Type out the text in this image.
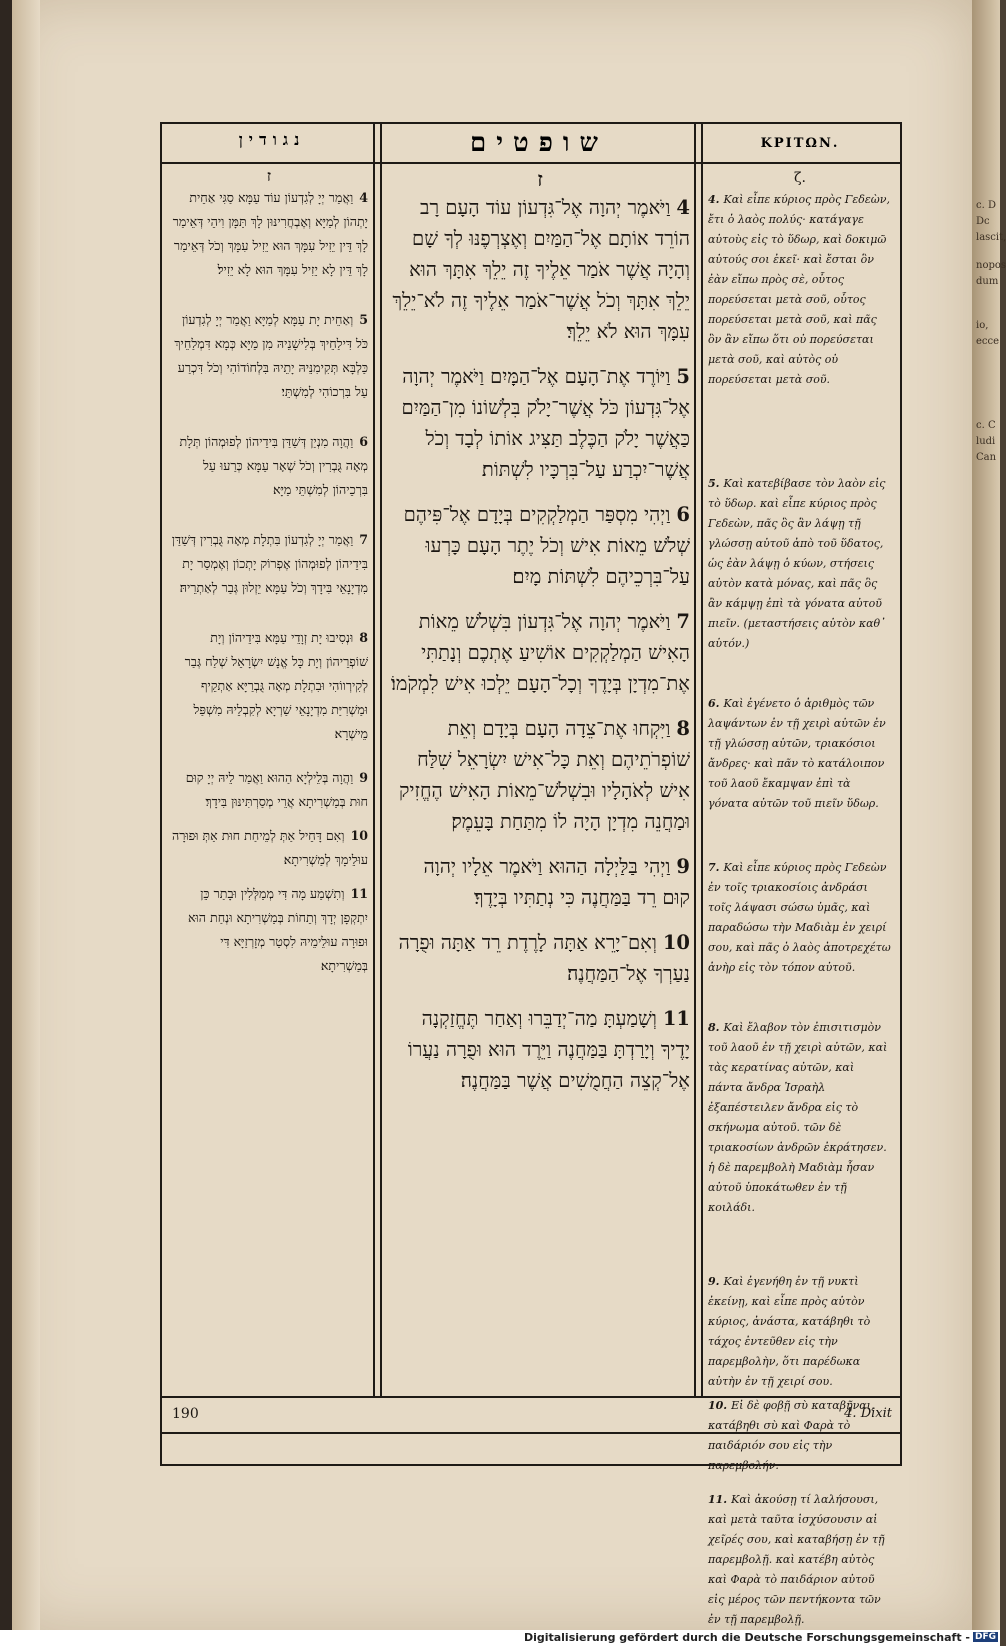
נגודין	שופטים	ΚΡΙΤΩΝ.
ז
4וַאֲמַר יְיָ לְגִדְעוֹן עוֹד עַמָּא סַגִּי אַחֵית יָתְהוֹן לְמַיָּא וְאֶבְחֲרִינּוּן לָךְ תַּמָּן וִיהֵי דְּאֵימַר לָךְ דֵּין יֵזִיל עִמָּךְ הוּא יֵזִיל עִמָּךְ וְכֹל דְּאֵימַר לָךְ דֵּין לָא יֵזִיל עִמָּךְ הוּא לָא יֵזִיל׃
5וְאַחֵית יָת עַמָּא לְמַיָּא וַאֲמַר יְיָ לְגִדְעוֹן כֹּל דִּילַחֵיךְ בְּלִישָׁנֵיהּ מִן מַיָּא כְּמָא דִּמְלַחֵיךְ כַּלְבָּא תְּקִימִנֵּיהּ יָתֵיהּ בִּלְחוֹדוֹהִי וְכֹל דִּכְרַע עַל בִּרְכוֹהִי לְמִשְׁתֵּי׃
6וַהֲוָה מִנְיַן דְּשַׁדַּן בִּידֵיהוֹן לְפוּמְהוֹן תְּלָת מְאָה גֻּבְרִין וְכֹל שְׁאָר עַמָּא כְּרַעוּ עַל בִּרְכֵיהוֹן לְמִשְׁתֵּי מַיָּא׃
7וַאֲמַר יְיָ לְגִדְעוֹן בִּתְלָת מְאָה גֻּבְרִין דְּשַׁדַּן בִּידֵיהוֹן לְפוּמְהוֹן אֶפְרוֹק יָתְכוֹן וְאֶמְסַר יָת מִדְיָנָאֵי בִּידָךְ וְכֹל עַמָּא יֵזְלוּן גְּבַר לְאַתְרֵיהּ׃
8וּנְסִיבוּ יָת זְוָדֵי עַמָּא בִּידֵיהוֹן וְיָת שׁוֹפְרֵיהוֹן וְיָת כָּל אֱנָשׁ יִשְׂרָאֵל שְׁלַח גְּבַר לְקִירְווֹהִי וּבִתְלָת מְאָה גֻּבְרַיָּא אַתְקֵיף וּמַשְׁרִיַּת מִדְיָנָאֵי שַׁרְיָא לְקִבְלֵיהּ מִשְׁפַּל מֵישְׁרָא׃
9וַהֲוָה בְּלֵילְיָא הַהוּא וַאֲמַר לֵיהּ יְיָ קוּם חוּת בְּמַשְׁרִיתָא אֲרֵי מְסַרְתִּינּוּן בִּידָךְ׃
10וְאִם דָּחֵיל אַתְּ לְמֵיחַת חוּת אַתְּ וּפוּרָה עוּלֵימָךְ לְמַשְׁרִיתָא׃
11וְתִשְׁמַע מָה דִּי מְמַלְּלִין וּבָתַר כֵּן יִתְקְפָן יְדָךְ וְתֵחוֹת בְּמַשְׁרִיתָא וּנְחַת הוּא וּפוּרָה עוּלֵימֵיהּ לִסְטַר מְזָרְזַיָּא דִּי בְּמַשְׁרִיתָא׃
ז
4וַיֹּאמֶר יְהוָה אֶל־גִּדְעוֹן עוֹד הָעָם רָב הוֹרֵד אוֹתָם אֶל־הַמַּיִם וְאֶצְרְפֶנּוּ לְךָ שָׁם וְהָיָה אֲשֶׁר אֹמַר אֵלֶיךָ זֶה יֵלֵךְ אִתָּךְ הוּא יֵלֵךְ אִתָּךְ וְכֹל אֲשֶׁר־אֹמַר אֵלֶיךָ זֶה לֹא־יֵלֵךְ עִמָּךְ הוּא לֹא יֵלֵךְ׃
5וַיּוֹרֶד אֶת־הָעָם אֶל־הַמָּיִם וַיֹּאמֶר יְהוָה אֶל־גִּדְעוֹן כֹּל אֲשֶׁר־יָלֹק בִּלְשׁוֹנוֹ מִן־הַמַּיִם כַּאֲשֶׁר יָלֹק הַכֶּלֶב תַּצִּיג אוֹתוֹ לְבָד וְכֹל אֲשֶׁר־יִכְרַע עַל־בִּרְכָּיו לִשְׁתּוֹת׃
6וַיְהִי מִסְפַּר הַמְלַקְקִים בְּיָדָם אֶל־פִּיהֶם שְׁלֹשׁ מֵאוֹת אִישׁ וְכֹל יֶתֶר הָעָם כָּרְעוּ עַל־בִּרְכֵיהֶם לִשְׁתּוֹת מָיִם׃
7וַיֹּאמֶר יְהוָה אֶל־גִּדְעוֹן בִּשְׁלֹשׁ מֵאוֹת הָאִישׁ הַמְלַקְקִים אוֹשִׁיעַ אֶתְכֶם וְנָתַתִּי אֶת־מִדְיָן בְּיָדֶךָ וְכָל־הָעָם יֵלְכוּ אִישׁ לִמְקֹמוֹ׃
8וַיִּקְחוּ אֶת־צֵדָה הָעָם בְּיָדָם וְאֵת שׁוֹפְרֹתֵיהֶם וְאֵת כָּל־אִישׁ יִשְׂרָאֵל שִׁלַּח אִישׁ לְאֹהָלָיו וּבִשְׁלֹשׁ־מֵאוֹת הָאִישׁ הֶחֱזִיק וּמַחֲנֵה מִדְיָן הָיָה לוֹ מִתַּחַת בָּעֵמֶק׃
9וַיְהִי בַּלַּיְלָה הַהוּא וַיֹּאמֶר אֵלָיו יְהוָה קוּם רֵד בַּמַּחֲנֶה כִּי נְתַתִּיו בְּיָדֶךָ׃
10וְאִם־יָרֵא אַתָּה לָרֶדֶת רֵד אַתָּה וּפֻרָה נַעַרְךָ אֶל־הַמַּחֲנֶה׃
11וְשָׁמַעְתָּ מַה־יְדַבֵּרוּ וְאַחַר תֶּחֱזַקְנָה יָדֶיךָ וְיָרַדְתָּ בַּמַּחֲנֶה וַיֵּרֶד הוּא וּפֻרָה נַעֲרוֹ אֶל־קְצֵה הַחֲמֻשִׁים אֲשֶׁר בַּמַּחֲנֶה׃
ζ.
4. Καὶ εἶπε κύριος πρὸς Γεδεὼν, ἔτι ὁ λαὸς πολύς· κατάγαγε αὐτοὺς εἰς τὸ ὕδωρ, καὶ δοκιμῶ αὐτούς σοι ἐκεῖ· καὶ ἔσται ὃν ἐὰν εἴπω πρὸς σὲ, οὗτος πορεύσεται μετὰ σοῦ, οὗτος πορεύσεται μετὰ σοῦ, καὶ πᾶς ὃν ἂν εἴπω ὅτι οὐ πορεύσεται μετὰ σοῦ, καὶ αὐτὸς οὐ πορεύσεται μετὰ σοῦ.
5. Καὶ κατεβίβασε τὸν λαὸν εἰς τὸ ὕδωρ. καὶ εἶπε κύριος πρὸς Γεδεὼν, πᾶς ὃς ἂν λάψῃ τῇ γλώσσῃ αὐτοῦ ἀπὸ τοῦ ὕδατος, ὡς ἐὰν λάψῃ ὁ κύων, στήσεις αὐτὸν κατὰ μόνας, καὶ πᾶς ὃς ἂν κάμψῃ ἐπὶ τὰ γόνατα αὐτοῦ πιεῖν. (μεταστήσεις αὐτὸν καθ᾽ αὑτόν.)
6. Καὶ ἐγένετο ὁ ἀριθμὸς τῶν λαψάντων ἐν τῇ χειρὶ αὐτῶν ἐν τῇ γλώσσῃ αὐτῶν, τριακόσιοι ἄνδρες· καὶ πᾶν τὸ κατάλοιπον τοῦ λαοῦ ἔκαμψαν ἐπὶ τὰ γόνατα αὐτῶν τοῦ πιεῖν ὕδωρ.
7. Καὶ εἶπε κύριος πρὸς Γεδεὼν ἐν τοῖς τριακοσίοις ἀνδράσι τοῖς λάψασι σώσω ὑμᾶς, καὶ παραδώσω τὴν Μαδιὰμ ἐν χειρί σου, καὶ πᾶς ὁ λαὸς ἀποτρεχέτω ἀνὴρ εἰς τὸν τόπον αὐτοῦ.
8. Καὶ ἔλαβον τὸν ἐπισιτισμὸν τοῦ λαοῦ ἐν τῇ χειρὶ αὐτῶν, καὶ τὰς κερατίνας αὐτῶν, καὶ πάντα ἄνδρα Ἰσραὴλ ἐξαπέστειλεν ἄνδρα εἰς τὸ σκήνωμα αὐτοῦ. τῶν δὲ τριακοσίων ἀνδρῶν ἐκράτησεν. ἡ δὲ παρεμβολὴ Μαδιὰμ ἦσαν αὐτοῦ ὑποκάτωθεν ἐν τῇ κοιλάδι.
9. Καὶ ἐγενήθη ἐν τῇ νυκτὶ ἐκείνῃ, καὶ εἶπε πρὸς αὐτὸν κύριος, ἀνάστα, κατάβηθι τὸ τάχος ἐντεῦθεν εἰς τὴν παρεμβολὴν, ὅτι παρέδωκα αὐτὴν ἐν τῇ χειρί σου.
10. Εἰ δὲ φοβῇ σὺ καταβῆναι, κατάβηθι σὺ καὶ Φαρὰ τὸ παιδάριόν σου εἰς τὴν παρεμβολήν.
11. Καὶ ἀκούσῃ τί λαλήσουσι, καὶ μετὰ ταῦτα ἰσχύσουσιν αἱ χεῖρές σου, καὶ καταβήσῃ ἐν τῇ παρεμβολῇ. καὶ κατέβη αὐτὸς καὶ Φαρὰ τὸ παιδάριον αὐτοῦ εἰς μέρος τῶν πεντήκοντα τῶν ἐν τῇ παρεμβολῇ.
190	4. Dixit
c. D
Dc
lascit,
nopos
dum
io,
ecce
c. C
ludi
Can
Digitalisierung gefördert durch die Deutsche Forschungsgemeinschaft - DFG
